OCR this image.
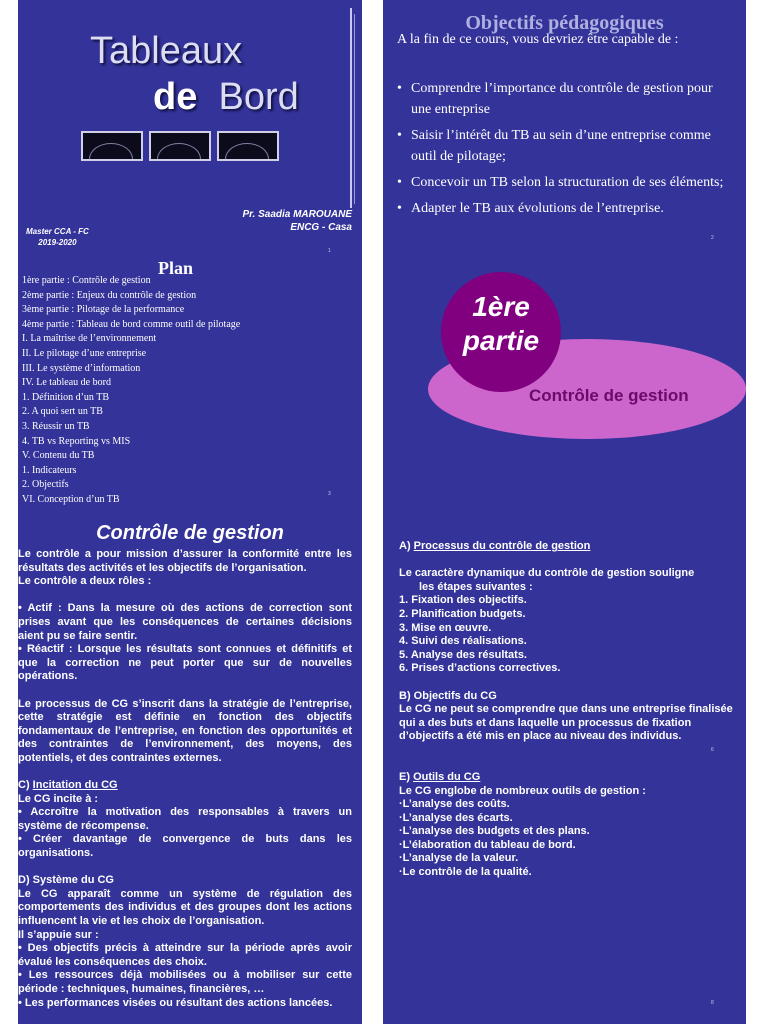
Tableaux
de Bord
Pr. Saadia MAROUANE
ENCG - Casa
Master CCA - FC
2019-2020
1
Objectifs pédagogiques
A la fin de ce cours, vous devriez être capable de :
• Comprendre l’importance du contrôle de gestion pour une entreprise
• Saisir l’intérêt du TB au sein d’une entreprise comme outil de pilotage;
• Concevoir un TB selon la structuration de ses éléments;
• Adapter le TB aux évolutions de l’entreprise.
2
Plan
1ère partie : Contrôle de gestion
2ème partie : Enjeux du contrôle de gestion
3ème partie : Pilotage de la performance
4ème partie : Tableau de bord comme outil de pilotage
I. La maîtrise de l’environnement
II. Le pilotage d’une entreprise
III. Le système d’information
IV. Le tableau de bord
1. Définition d’un TB
2. A quoi sert un TB
3. Réussir un TB
4. TB vs Reporting vs MIS
V. Contenu du TB
1. Indicateurs
2. Objectifs
VI. Conception d’un TB	3
1ère
partie
Contrôle de gestion
Contrôle de gestion

Le contrôle a pour mission d’assurer la conformité entre les résultats des activités et les objectifs de l’organisation.

Le contrôle a deux rôles :

• Actif : Dans la mesure où des actions de correction sont prises avant que les conséquences de certaines décisions aient pu se faire sentir.

• Réactif : Lorsque les résultats sont connues et définitifs et que la correction ne peut porter que sur de nouvelles opérations.

Le processus de CG s’inscrit dans la stratégie de l’entreprise, cette stratégie est définie en fonction des objectifs fondamentaux de l’entreprise, en fonction des opportunités et des contraintes de l’environnement, des moyens, des potentiels, et des contraintes externes.

C) Incitation du CG

Le CG incite à :

• Accroître la motivation des responsables à travers un système de récompense.

• Créer davantage de convergence de buts dans les organisations.

D) Système du CG

Le CG apparaît comme un système de régulation des comportements des individus et des groupes dont les actions influencent la vie et les choix de l’organisation.

Il s’appuie sur :

• Des objectifs précis à atteindre sur la période après avoir évalué les conséquences des choix.

• Les ressources déjà mobilisées ou à mobiliser sur cette période : techniques, humaines, financières, …

• Les performances visées ou résultant des actions lancées.

A) Processus du contrôle de gestion

Le caractère dynamique du contrôle de gestion souligne

les étapes suivantes :

1. Fixation des objectifs.

2. Planification budgets.

3. Mise en œuvre.

4. Suivi des réalisations.

5. Analyse des résultats.

6. Prises d’actions correctives.

B) Objectifs du CG

Le CG ne peut se comprendre que dans une entreprise finalisée qui a des buts et dans laquelle un processus de fixation d’objectifs a été mis en place au niveau des individus.

E) Outils du CG

Le CG englobe de nombreux outils de gestion :

·L’analyse des coûts.

·L’analyse des écarts.

·L’analyse des budgets et des plans.

·L’élaboration du tableau de bord.

·L’analyse de la valeur.

·Le contrôle de la qualité.

6
8
